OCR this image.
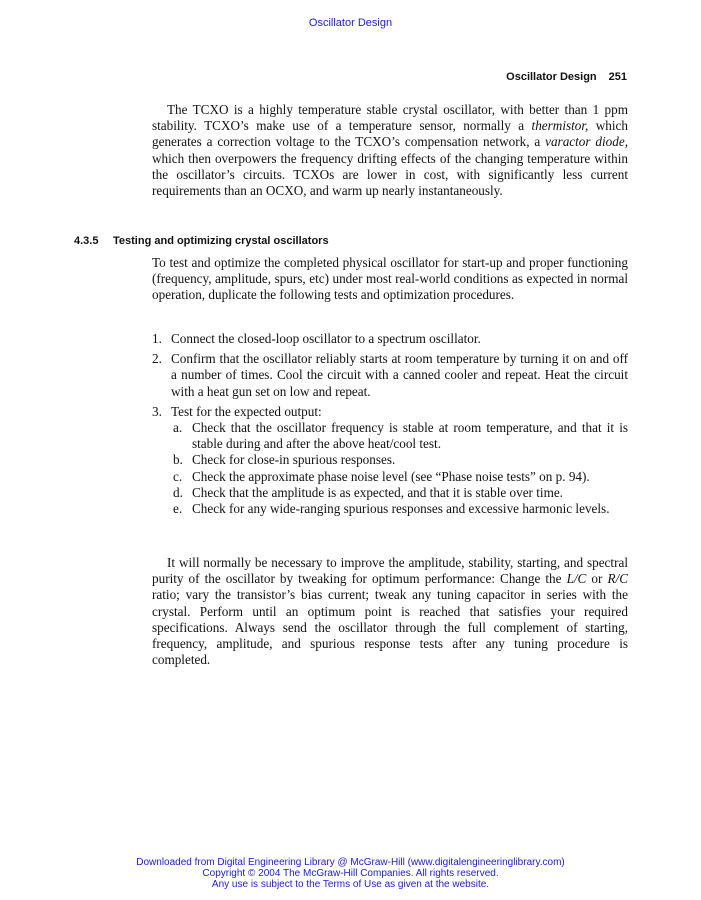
Oscillator Design
Oscillator Design 251
The TCXO is a highly temperature stable crystal oscillator, with better than 1 ppm stability. TCXO’s make use of a temperature sensor, normally a thermistor, which generates a correction voltage to the TCXO’s compensation network, a varactor diode, which then overpowers the frequency drifting effects of the changing temperature within the oscillator’s circuits. TCXOs are lower in cost, with significantly less current requirements than an OCXO, and warm up nearly instantaneously.
4.3.5 Testing and optimizing crystal oscillators
To test and optimize the completed physical oscillator for start-up and proper functioning (frequency, amplitude, spurs, etc) under most real-world conditions as expected in normal operation, duplicate the following tests and optimization procedures.
1. Connect the closed-loop oscillator to a spectrum oscillator.
2. Confirm that the oscillator reliably starts at room temperature by turning it on and off a number of times. Cool the circuit with a canned cooler and repeat. Heat the circuit with a heat gun set on low and repeat.
3. Test for the expected output:
a. Check that the oscillator frequency is stable at room temperature, and that it is stable during and after the above heat/cool test.
b. Check for close-in spurious responses.
c. Check the approximate phase noise level (see “Phase noise tests” on p. 94).
d. Check that the amplitude is as expected, and that it is stable over time.
e. Check for any wide-ranging spurious responses and excessive harmonic levels.
It will normally be necessary to improve the amplitude, stability, starting, and spectral purity of the oscillator by tweaking for optimum performance: Change the L/C or R/C ratio; vary the transistor’s bias current; tweak any tuning capacitor in series with the crystal. Perform until an optimum point is reached that satisfies your required specifications. Always send the oscillator through the full complement of starting, frequency, amplitude, and spurious response tests after any tuning procedure is completed.
Downloaded from Digital Engineering Library @ McGraw-Hill (www.digitalengineeringlibrary.com)
Copyright © 2004 The McGraw-Hill Companies. All rights reserved.
Any use is subject to the Terms of Use as given at the website.
